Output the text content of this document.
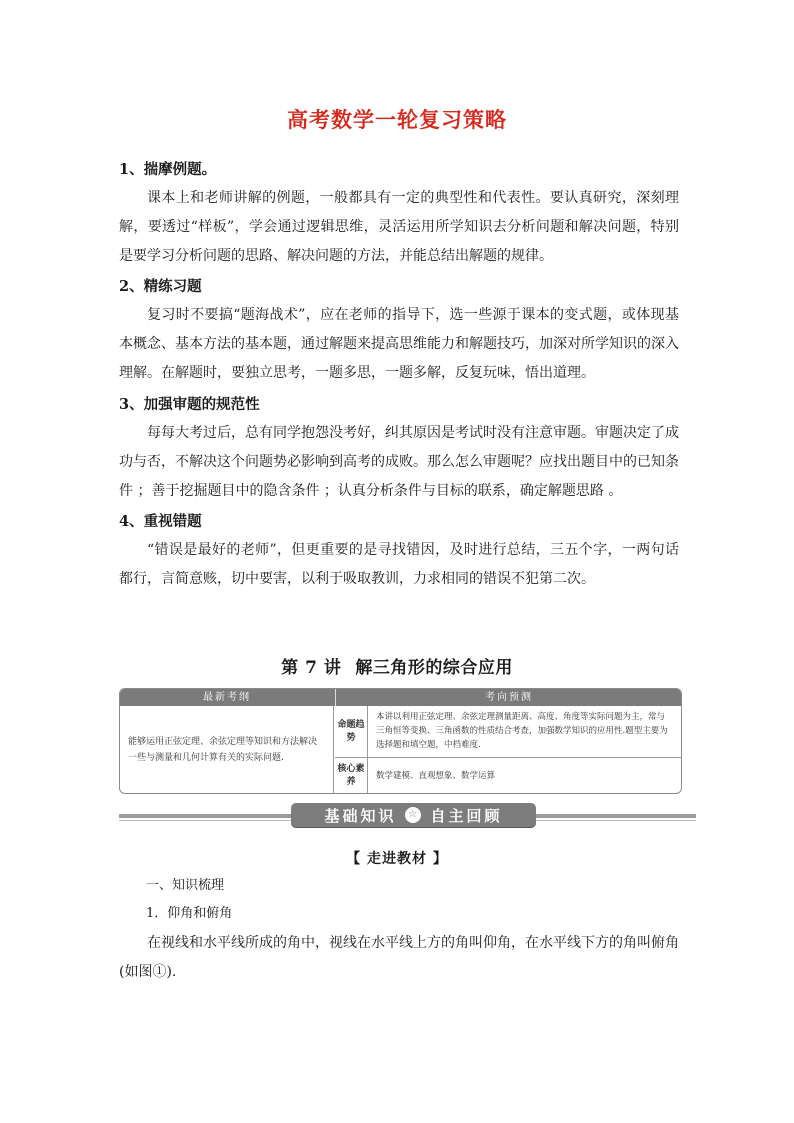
高考数学一轮复习策略
1、揣摩例题。

课本上和老师讲解的例题，一般都具有一定的典型性和代表性。要认真研究，深刻理解，要透过“样板”，学会通过逻辑思维，灵活运用所学知识去分析问题和解决问题，特别是要学习分析问题的思路、解决问题的方法，并能总结出解题的规律。

2、精练习题

复习时不要搞“题海战术”，应在老师的指导下，选一些源于课本的变式题，或体现基本概念、基本方法的基本题，通过解题来提高思维能力和解题技巧，加深对所学知识的深入理解。在解题时，要独立思考，一题多思，一题多解，反复玩味，悟出道理。

3、加强审题的规范性

每每大考过后，总有同学抱怨没考好，纠其原因是考试时没有注意审题。审题决定了成功与否，不解决这个问题势必影响到高考的成败。那么怎么审题呢？应找出题目中的已知条件 ；善于挖掘题目中的隐含条件 ；认真分析条件与目标的联系，确定解题思路 。

4、重视错题

“错误是最好的老师”，但更重要的是寻找错因，及时进行总结，三五个字，一两句话都行，言简意赅，切中要害，以利于吸取教训，力求相同的错误不犯第二次。

第 7 讲 解三角形的综合应用
最新考纲	考向预测
能够运用正弦定理、余弦定理等知识和方法解决一些与测量和几何计算有关的实际问题.
命题趋势
本讲以利用正弦定理、余弦定理测量距离、高度、角度等实际问题为主，常与三角恒等变换、三角函数的性质结合考查，加强数学知识的应用性.题型主要为选择题和填空题，中档难度.
核心素养
数学建模、直观想象、数学运算
基础知识	☆ 自主回顾
【 走进教材 】
一、知识梳理
1．仰角和俯角

在视线和水平线所成的角中，视线在水平线上方的角叫仰角，在水平线下方的角叫俯角(如图①).
